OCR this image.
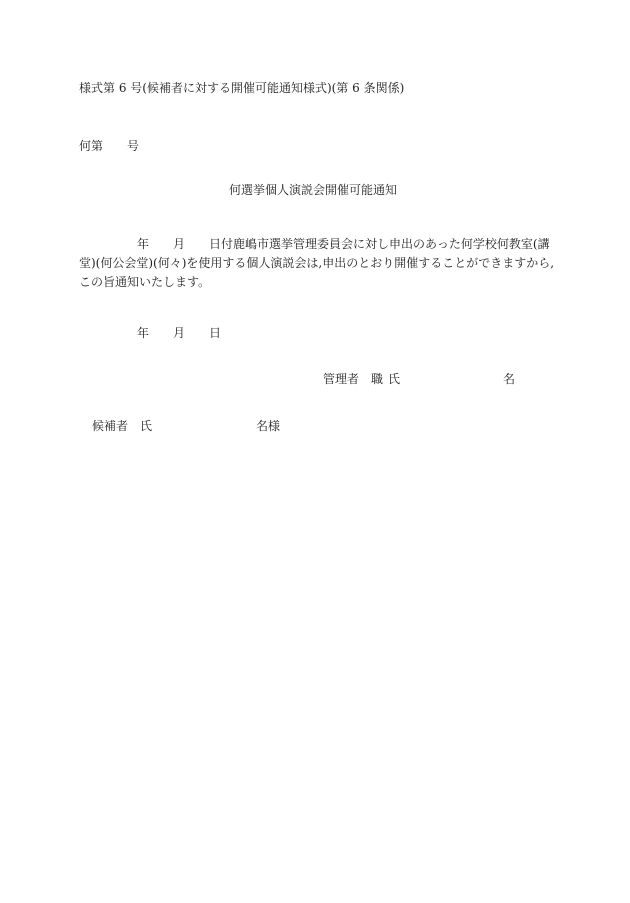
様式第 6 号(候補者に対する開催可能通知様式)(第 6 条関係)
何第 号
何選挙個人演説会開催可能通知
年 月 日付鹿嶋市選挙管理委員会に対し申出のあった何学校何教室(講
堂)(何公会堂)(何々)を使用する個人演説会は,申出のとおり開催することができますから,
この旨通知いたします。
年 月 日
管理者 職 氏	名
候補者 氏	名様
